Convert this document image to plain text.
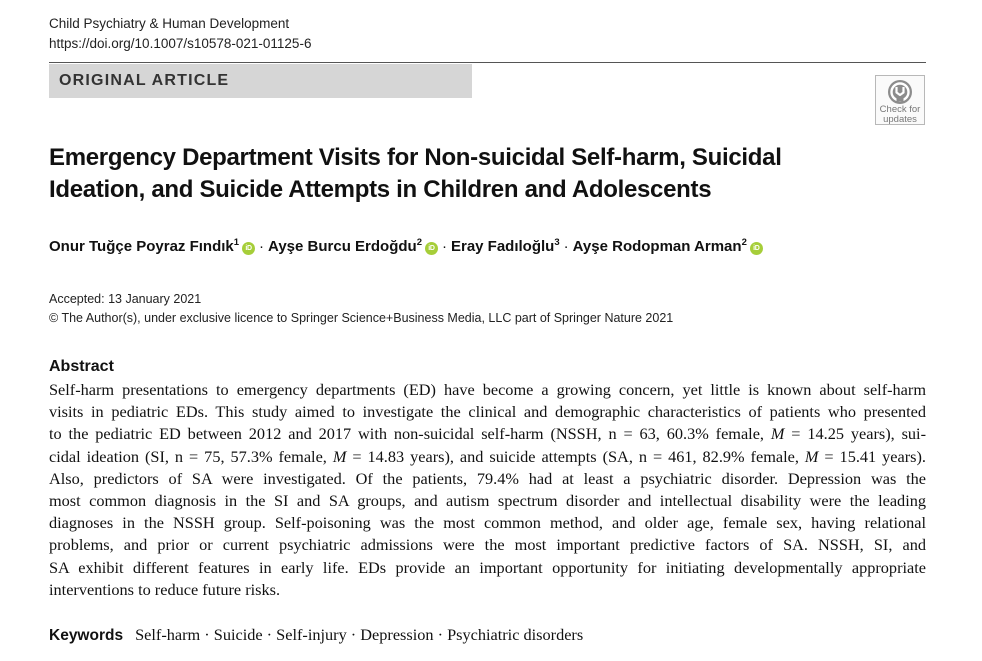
Child Psychiatry & Human Development
https://doi.org/10.1007/s10578-021-01125-6
ORIGINAL ARTICLE
Check for
updates
Emergency Department Visits for Non-suicidal Self-harm, Suicidal
Ideation, and Suicide Attempts in Children and Adolescents
Onur Tuğçe Poyraz Fındık$^1$iD · Ayşe Burcu Erdoğdu$^2$iD · Eray Fadıloğlu$^3$ · Ayşe Rodopman Arman$^2$iD
Accepted: 13 January 2021
© The Author(s), under exclusive licence to Springer Science+Business Media, LLC part of Springer Nature 2021
Abstract
Self-harm presentations to emergency departments (ED) have become a growing concern, yet little is known about self-harm
visits in pediatric EDs. This study aimed to investigate the clinical and demographic characteristics of patients who presented
to the pediatric ED between 2012 and 2017 with non-suicidal self-harm (NSSH, n = 63, 60.3% female, M = 14.25 years), sui-
cidal ideation (SI, n = 75, 57.3% female, M = 14.83 years), and suicide attempts (SA, n = 461, 82.9% female, M = 15.41 years).
Also, predictors of SA were investigated. Of the patients, 79.4% had at least a psychiatric disorder. Depression was the
most common diagnosis in the SI and SA groups, and autism spectrum disorder and intellectual disability were the leading
diagnoses in the NSSH group. Self-poisoning was the most common method, and older age, female sex, having relational
problems, and prior or current psychiatric admissions were the most important predictive factors of SA. NSSH, SI, and
SA exhibit different features in early life. EDs provide an important opportunity for initiating developmentally appropriate
interventions to reduce future risks.
Keywords Self-harm · Suicide · Self-injury · Depression · Psychiatric disorders
